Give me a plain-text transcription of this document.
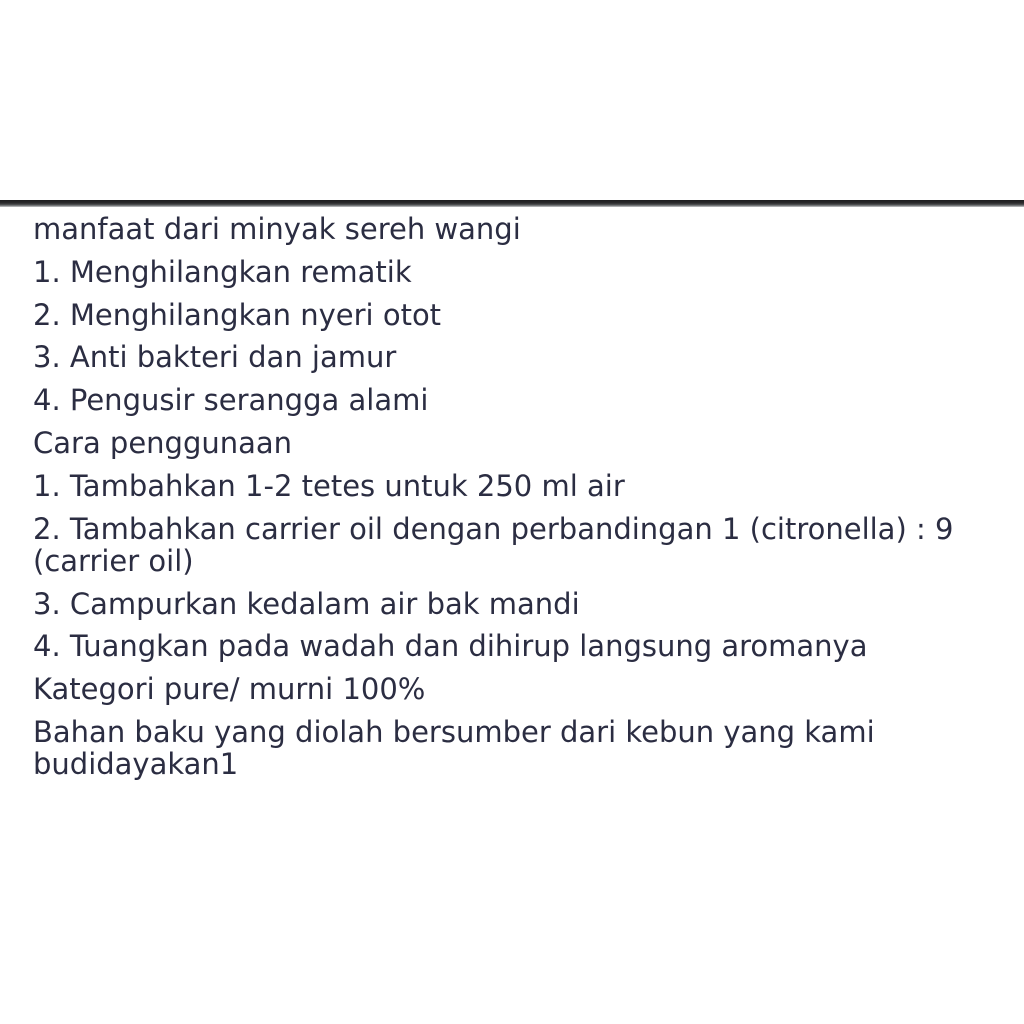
manfaat dari minyak sereh wangi
1. Menghilangkan rematik
2. Menghilangkan nyeri otot
3. Anti bakteri dan jamur
4. Pengusir serangga alami
Cara penggunaan
1. Tambahkan 1-2 tetes untuk 250 ml air
2. Tambahkan carrier oil dengan perbandingan 1 (citronella) : 9 (carrier oil)
3. Campurkan kedalam air bak mandi
4. Tuangkan pada wadah dan dihirup langsung aromanya
Kategori pure/ murni 100%
Bahan baku yang diolah bersumber dari kebun yang kami budidayakan1
